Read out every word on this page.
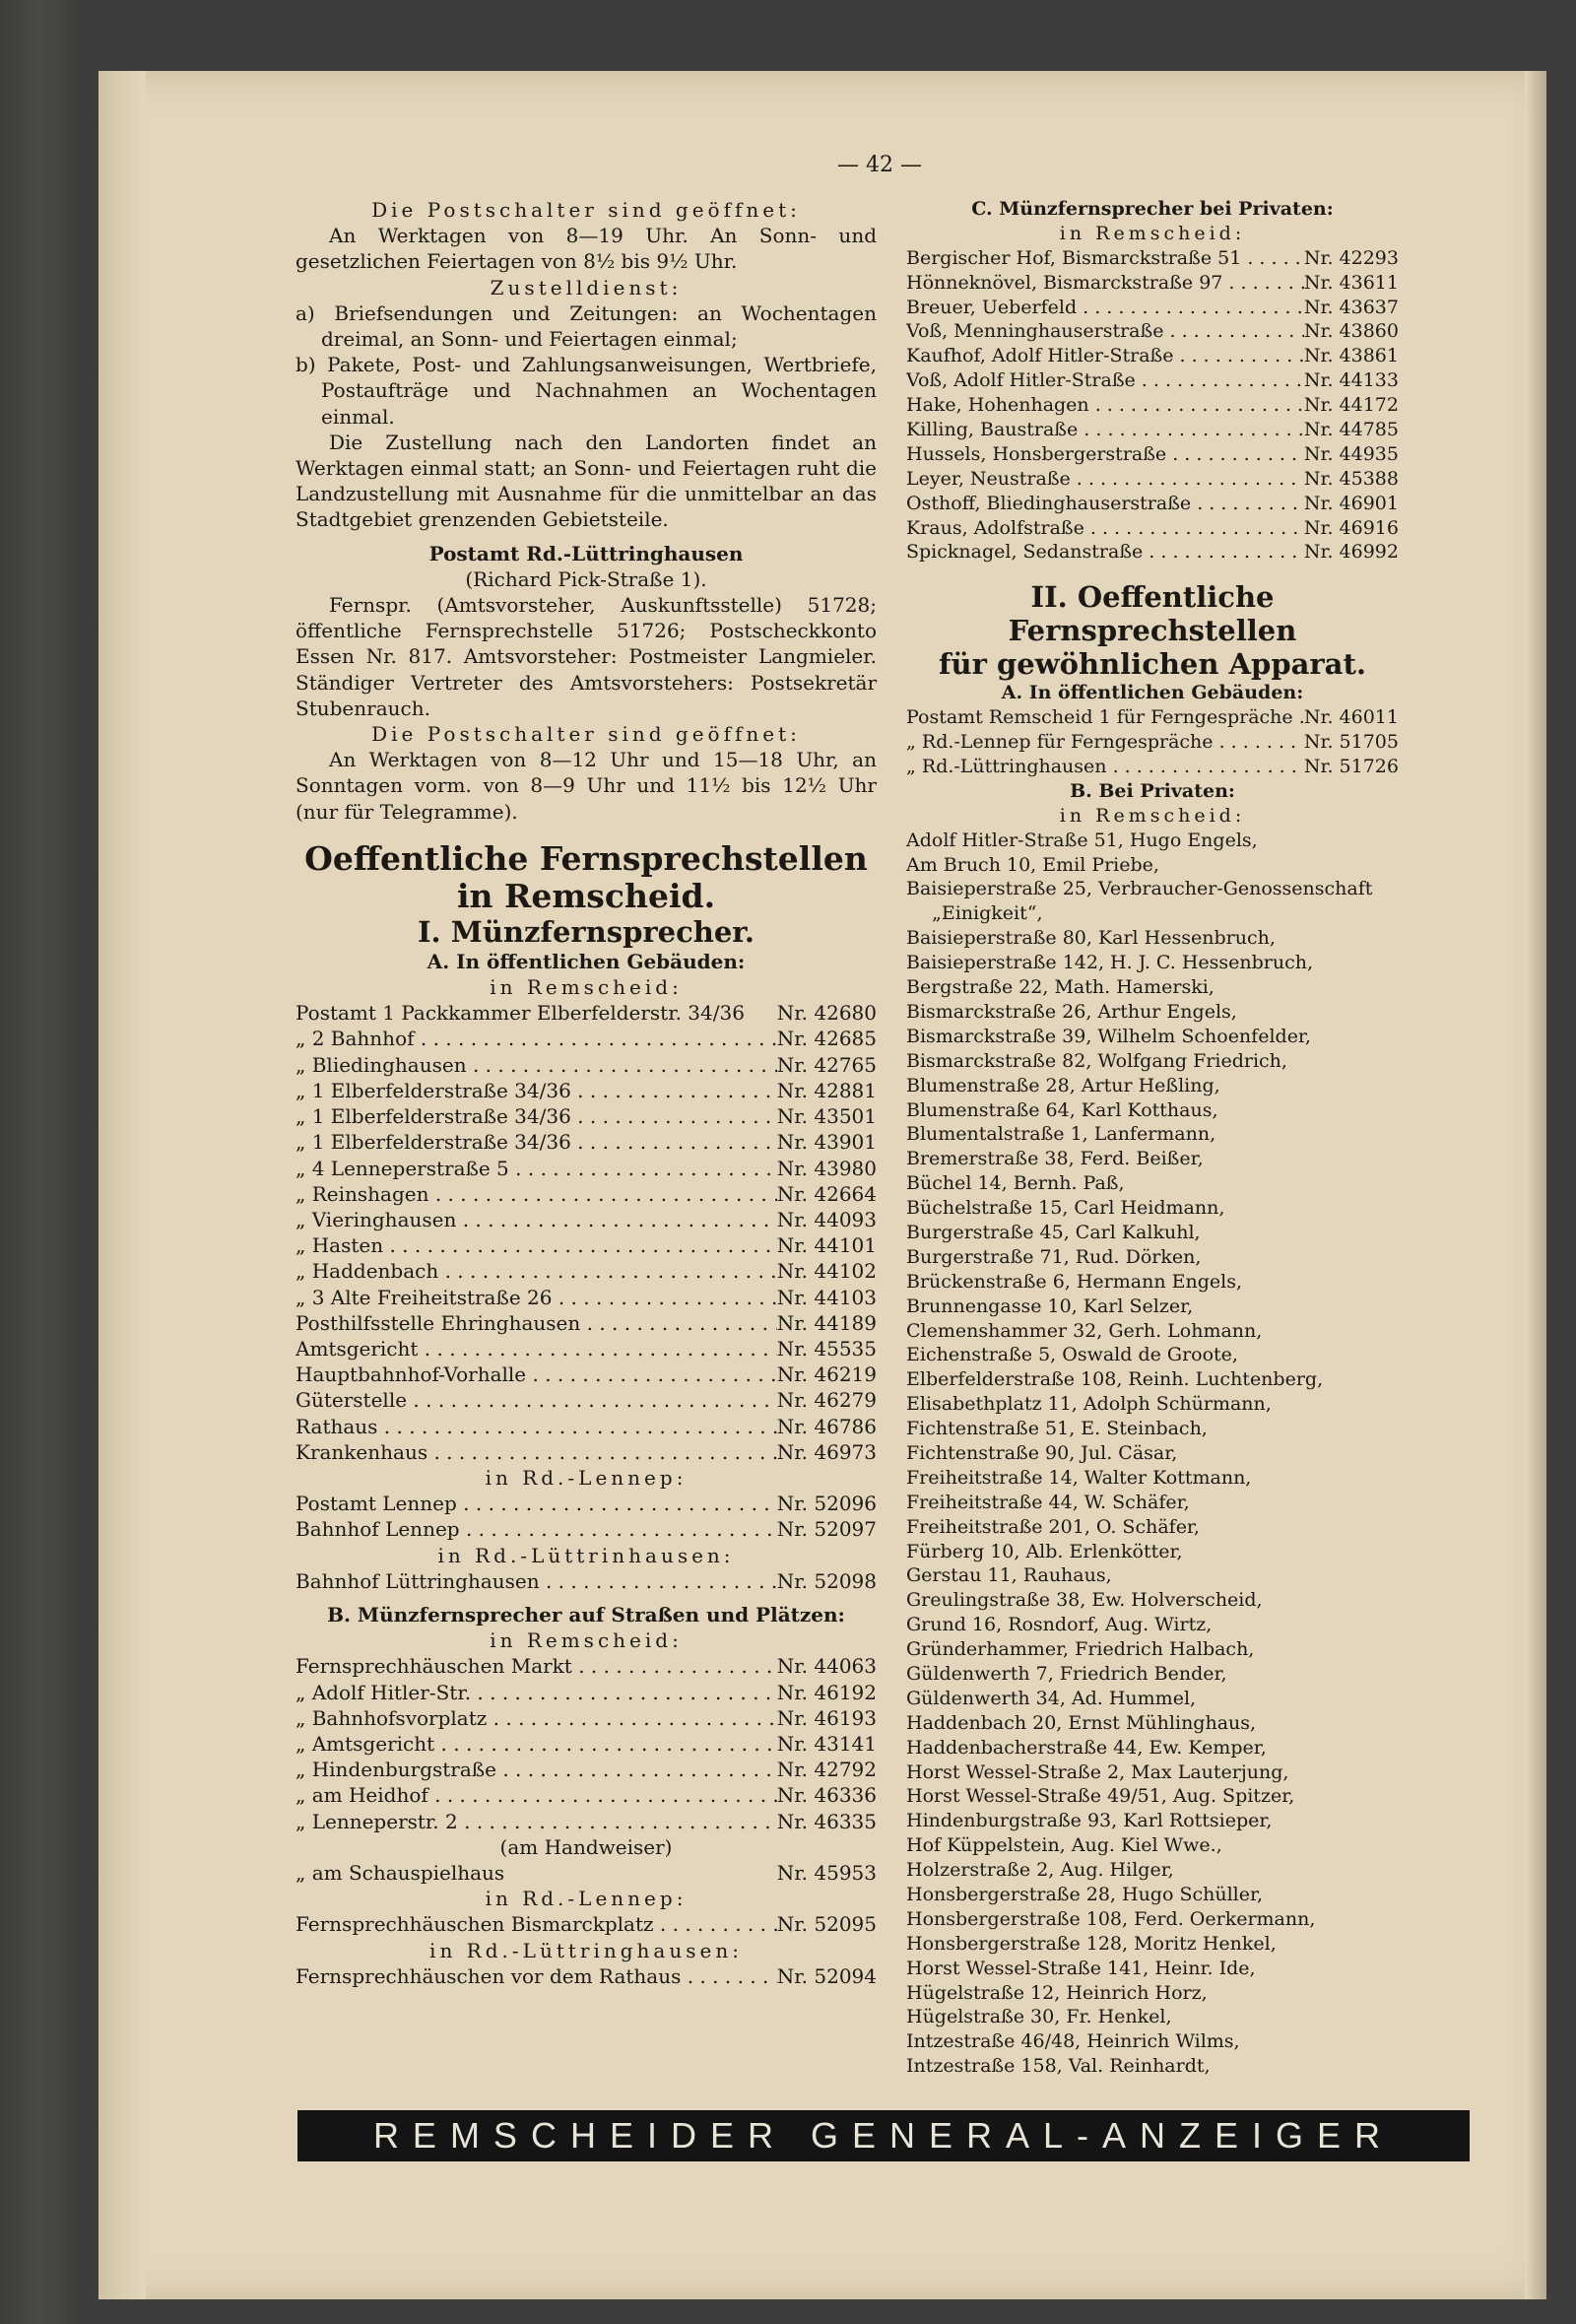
— 42 —
Die Postschalter sind geöffnet:
An Werktagen von 8—19 Uhr. An Sonn- und gesetzlichen Feiertagen von 8½ bis 9½ Uhr.
Zustelldienst:
a) Briefsendungen und Zeitungen: an Wochentagen dreimal, an Sonn- und Feiertagen einmal;
b) Pakete, Post- und Zahlungsanweisungen, Wertbriefe, Postaufträge und Nachnahmen an Wochentagen einmal.
Die Zustellung nach den Landorten findet an Werktagen einmal statt; an Sonn- und Feiertagen ruht die Landzustellung mit Ausnahme für die unmittelbar an das Stadtgebiet grenzenden Gebietsteile.
Postamt Rd.-Lüttringhausen
(Richard Pick-Straße 1).
Fernspr. (Amtsvorsteher, Auskunftsstelle) 51728; öffentliche Fernsprechstelle 51726; Postscheckkonto Essen Nr. 817. Amtsvorsteher: Postmeister Langmieler. Ständiger Vertreter des Amtsvorstehers: Postsekretär Stubenrauch.
Die Postschalter sind geöffnet:
An Werktagen von 8—12 Uhr und 15—18 Uhr, an Sonntagen vorm. von 8—9 Uhr und 11½ bis 12½ Uhr (nur für Telegramme).
Oeffentliche Fernsprechstellen
in Remscheid.
I. Münzfernsprecher.
A. In öffentlichen Gebäuden:
in Remscheid:
Postamt 1 Packkammer Elberfelderstr. 34/36	Nr. 42680
„ 2 Bahnhof . . .	Nr. 42685
„ Bliedinghausen . . .	Nr. 42765
„ 1 Elberfelderstraße 34/36 . . .	Nr. 42881
„ 1 Elberfelderstraße 34/36 . . .	Nr. 43501
„ 1 Elberfelderstraße 34/36 . . .	Nr. 43901
„ 4 Lenneperstraße 5 . . .	Nr. 43980
„ Reinshagen . . .	Nr. 42664
„ Vieringhausen . . .	Nr. 44093
„ Hasten . . .	Nr. 44101
„ Haddenbach . . .	Nr. 44102
„ 3 Alte Freiheitstraße 26 . . .	Nr. 44103
Posthilfsstelle Ehringhausen . . .	Nr. 44189
Amtsgericht . . .	Nr. 45535
Hauptbahnhof-Vorhalle . . .	Nr. 46219
Güterstelle . . .	Nr. 46279
Rathaus . . .	Nr. 46786
Krankenhaus . . .	Nr. 46973
in Rd.-Lennep:
Postamt Lennep . . .	Nr. 52096
Bahnhof Lennep . . .	Nr. 52097
in Rd.-Lüttrinhausen:
Bahnhof Lüttringhausen . . .	Nr. 52098
B. Münzfernsprecher auf Straßen und Plätzen:
in Remscheid:
Fernsprechhäuschen Markt . . .	Nr. 44063
„ Adolf Hitler-Str. . . .	Nr. 46192
„ Bahnhofsvorplatz . . .	Nr. 46193
„ Amtsgericht . . .	Nr. 43141
„ Hindenburgstraße . . .	Nr. 42792
„ am Heidhof . . .	Nr. 46336
„ Lenneperstr. 2 . . .	Nr. 46335
(am Handweiser)
„ am Schauspielhaus	Nr. 45953
in Rd.-Lennep:
Fernsprechhäuschen Bismarckplatz . . .	Nr. 52095
in Rd.-Lüttringhausen:
Fernsprechhäuschen vor dem Rathaus . . .	Nr. 52094
C. Münzfernsprecher bei Privaten:
in Remscheid:
Bergischer Hof, Bismarckstraße 51 . . .	Nr. 42293
Hönneknövel, Bismarckstraße 97 . . .	Nr. 43611
Breuer, Ueberfeld . . .	Nr. 43637
Voß, Menninghauserstraße . . .	Nr. 43860
Kaufhof, Adolf Hitler-Straße . . .	Nr. 43861
Voß, Adolf Hitler-Straße . . .	Nr. 44133
Hake, Hohenhagen . . .	Nr. 44172
Killing, Baustraße . . .	Nr. 44785
Hussels, Honsbergerstraße . . .	Nr. 44935
Leyer, Neustraße . . .	Nr. 45388
Osthoff, Bliedinghauserstraße . . .	Nr. 46901
Kraus, Adolfstraße . . .	Nr. 46916
Spicknagel, Sedanstraße . . .	Nr. 46992
II. Oeffentliche Fernsprechstellen
für gewöhnlichen Apparat.
A. In öffentlichen Gebäuden:
Postamt Remscheid 1 für Ferngespräche . . . Nr. 46011
„ Rd.-Lennep für Ferngespräche . . .	Nr. 51705
„ Rd.-Lüttringhausen . . .	Nr. 51726
B. Bei Privaten:
in Remscheid:
Adolf Hitler-Straße 51, Hugo Engels,
Am Bruch 10, Emil Priebe,
Baisieperstraße 25, Verbraucher-Genossenschaft „Einigkeit“,
Baisieperstraße 80, Karl Hessenbruch,
Baisieperstraße 142, H. J. C. Hessenbruch,
Bergstraße 22, Math. Hamerski,
Bismarckstraße 26, Arthur Engels,
Bismarckstraße 39, Wilhelm Schoenfelder,
Bismarckstraße 82, Wolfgang Friedrich,
Blumenstraße 28, Artur Heßling,
Blumenstraße 64, Karl Kotthaus,
Blumentalstraße 1, Lanfermann,
Bremerstraße 38, Ferd. Beißer,
Büchel 14, Bernh. Paß,
Büchelstraße 15, Carl Heidmann,
Burgerstraße 45, Carl Kalkuhl,
Burgerstraße 71, Rud. Dörken,
Brückenstraße 6, Hermann Engels,
Brunnengasse 10, Karl Selzer,
Clemenshammer 32, Gerh. Lohmann,
Eichenstraße 5, Oswald de Groote,
Elberfelderstraße 108, Reinh. Luchtenberg,
Elisabethplatz 11, Adolph Schürmann,
Fichtenstraße 51, E. Steinbach,
Fichtenstraße 90, Jul. Cäsar,
Freiheitstraße 14, Walter Kottmann,
Freiheitstraße 44, W. Schäfer,
Freiheitstraße 201, O. Schäfer,
Fürberg 10, Alb. Erlenkötter,
Gerstau 11, Rauhaus,
Greulingstraße 38, Ew. Holverscheid,
Grund 16, Rosndorf, Aug. Wirtz,
Gründerhammer, Friedrich Halbach,
Güldenwerth 7, Friedrich Bender,
Güldenwerth 34, Ad. Hummel,
Haddenbach 20, Ernst Mühlinghaus,
Haddenbacherstraße 44, Ew. Kemper,
Horst Wessel-Straße 2, Max Lauterjung,
Horst Wessel-Straße 49/51, Aug. Spitzer,
Hindenburgstraße 93, Karl Rottsieper,
Hof Küppelstein, Aug. Kiel Wwe.,
Holzerstraße 2, Aug. Hilger,
Honsbergerstraße 28, Hugo Schüller,
Honsbergerstraße 108, Ferd. Oerkermann,
Honsbergerstraße 128, Moritz Henkel,
Horst Wessel-Straße 141, Heinr. Ide,
Hügelstraße 12, Heinrich Horz,
Hügelstraße 30, Fr. Henkel,
Intzestraße 46/48, Heinrich Wilms,
Intzestraße 158, Val. Reinhardt,
REMSCHEIDER GENERAL-ANZEIGER
